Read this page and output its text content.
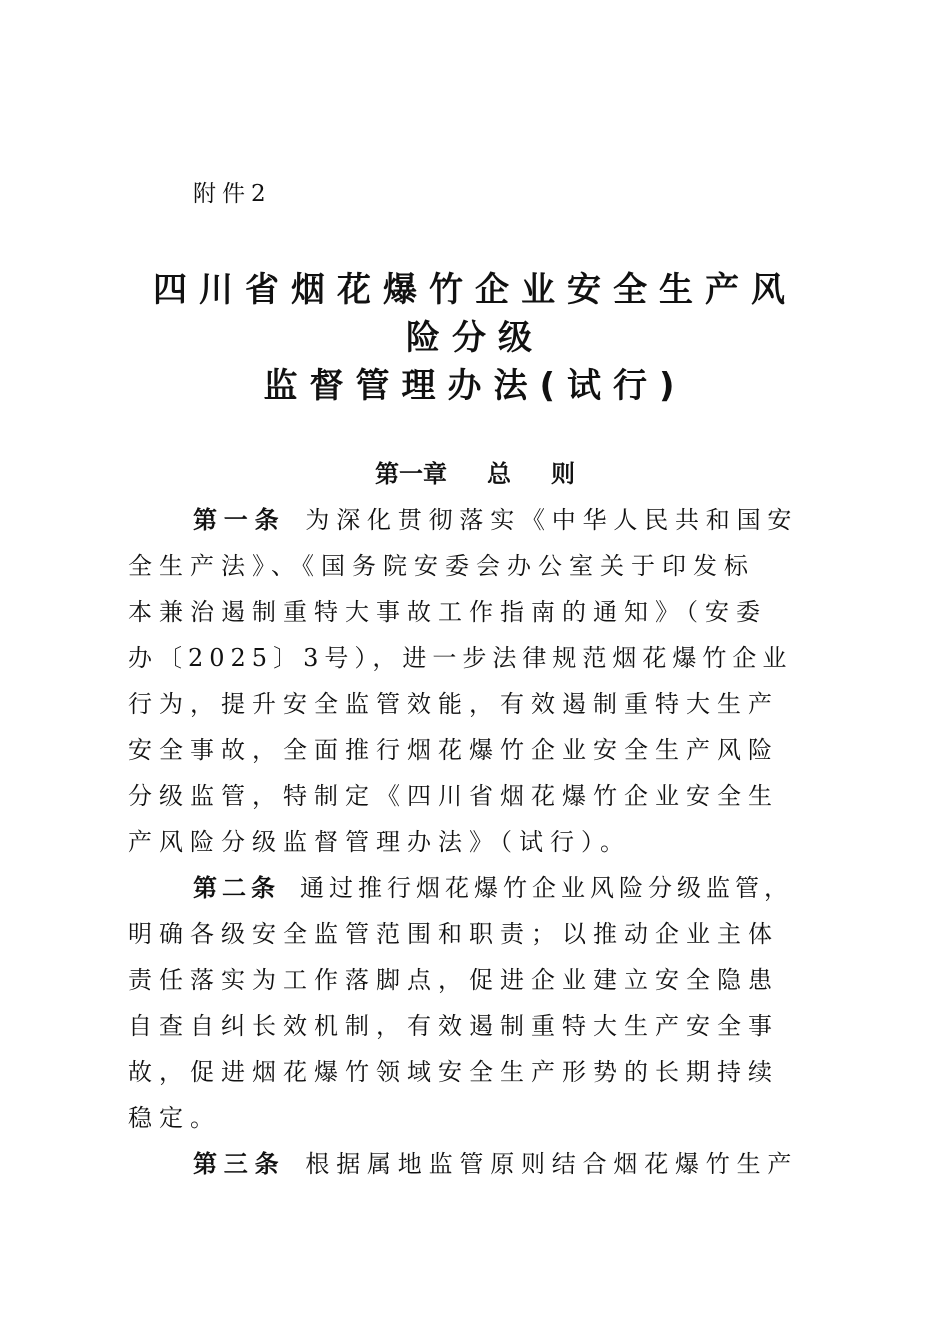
附件2
四川省烟花爆竹企业安全生产风
险分级
监督管理办法(试行)
第一章 总 则
第一条 为深化贯彻落实《中华人民共和国安
全生产法》、《国务院安委会办公室关于印发标
本兼治遏制重特大事故工作指南的通知》（安委
办〔2025〕3号），进一步法律规范烟花爆竹企业
行为，提升安全监管效能，有效遏制重特大生产
安全事故，全面推行烟花爆竹企业安全生产风险
分级监管，特制定《四川省烟花爆竹企业安全生
产风险分级监督管理办法》（试行）。
第二条 通过推行烟花爆竹企业风险分级监管，
明确各级安全监管范围和职责；以推动企业主体
责任落实为工作落脚点，促进企业建立安全隐患
自查自纠长效机制，有效遏制重特大生产安全事
故，促进烟花爆竹领域安全生产形势的长期持续
稳定。
第三条 根据属地监管原则结合烟花爆竹生产
